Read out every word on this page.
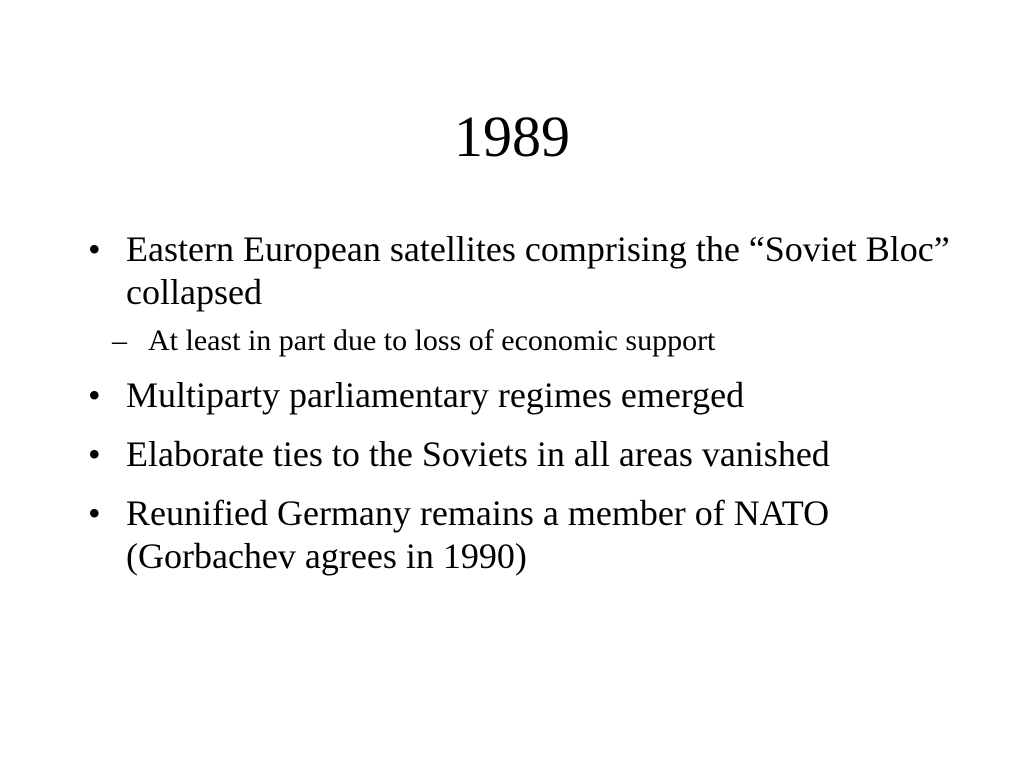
1989
• Eastern European satellites comprising the “Soviet Bloc” collapsed
– At least in part due to loss of economic support
• Multiparty parliamentary regimes emerged
• Elaborate ties to the Soviets in all areas vanished
• Reunified Germany remains a member of NATO (Gorbachev agrees in 1990)
